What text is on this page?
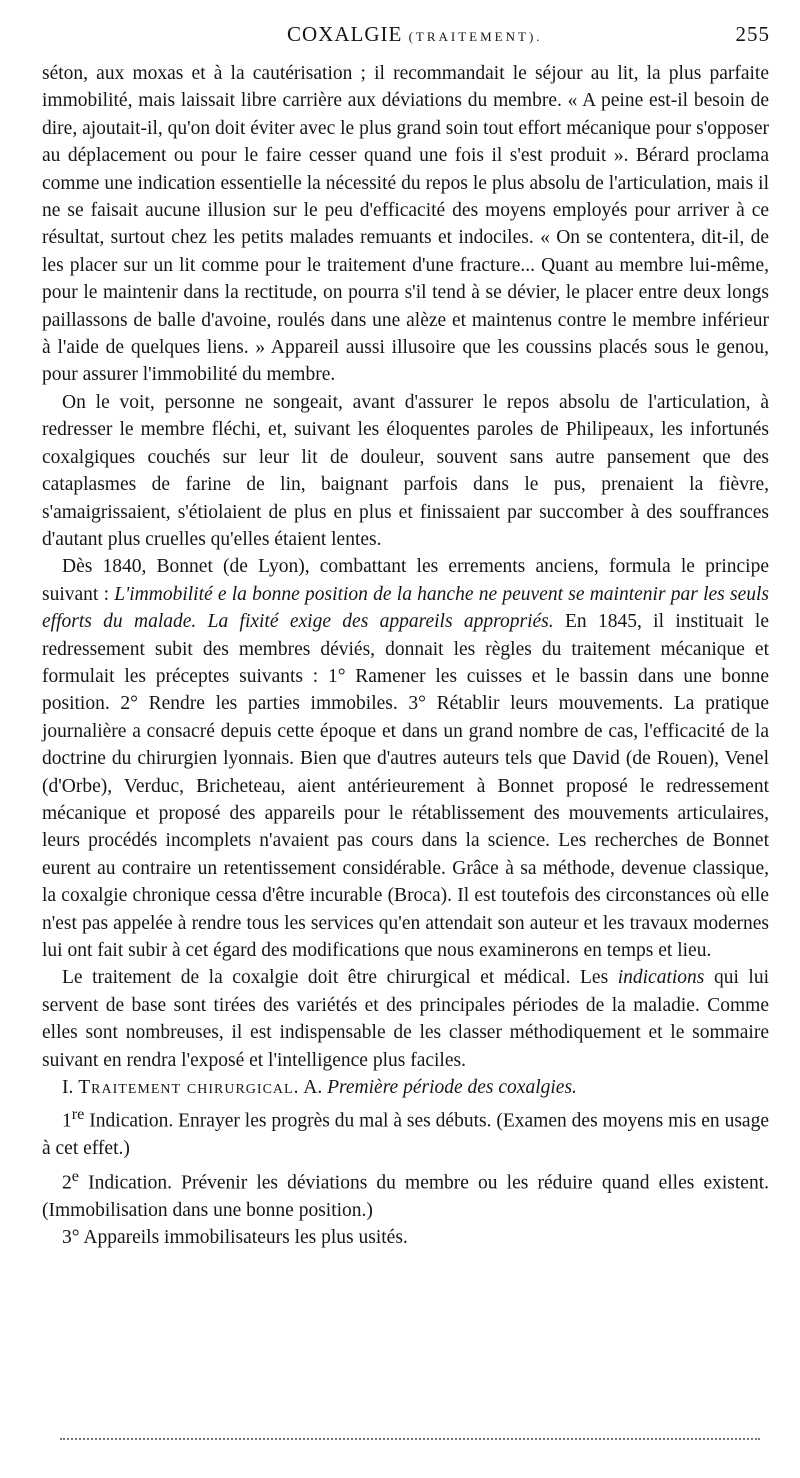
COXALGIE (TRAITEMENT).	255

séton, aux moxas et à la cautérisation ; il recommandait le séjour au lit, la plus parfaite immobilité, mais laissait libre carrière aux déviations du membre. « A peine est-il besoin de dire, ajoutait-il, qu'on doit éviter avec le plus grand soin tout effort mécanique pour s'opposer au déplacement ou pour le faire cesser quand une fois il s'est produit ». Bérard proclama comme une indication essentielle la nécessité du repos le plus absolu de l'articulation, mais il ne se faisait aucune illusion sur le peu d'efficacité des moyens employés pour arriver à ce résultat, surtout chez les petits malades remuants et indociles. « On se contentera, dit-il, de les placer sur un lit comme pour le traitement d'une fracture... Quant au membre lui-même, pour le maintenir dans la rectitude, on pourra s'il tend à se dévier, le placer entre deux longs paillassons de balle d'avoine, roulés dans une alèze et maintenus contre le membre inférieur à l'aide de quelques liens. » Appareil aussi illusoire que les coussins placés sous le genou, pour assurer l'immobilité du membre.

On le voit, personne ne songeait, avant d'assurer le repos absolu de l'articulation, à redresser le membre fléchi, et, suivant les éloquentes paroles de Philipeaux, les infortunés coxalgiques couchés sur leur lit de douleur, souvent sans autre pansement que des cataplasmes de farine de lin, baignant parfois dans le pus, prenaient la fièvre, s'amaigrissaient, s'étiolaient de plus en plus et finissaient par succomber à des souffrances d'autant plus cruelles qu'elles étaient lentes.

Dès 1840, Bonnet (de Lyon), combattant les errements anciens, formula le principe suivant : L'immobilité e la bonne position de la hanche ne peuvent se maintenir par les seuls efforts du malade. La fixité exige des appareils appropriés. En 1845, il instituait le redressement subit des membres déviés, donnait les règles du traitement mécanique et formulait les préceptes suivants : 1° Ramener les cuisses et le bassin dans une bonne position. 2° Rendre les parties immobiles. 3° Rétablir leurs mouvements. La pratique journalière a consacré depuis cette époque et dans un grand nombre de cas, l'efficacité de la doctrine du chirurgien lyonnais. Bien que d'autres auteurs tels que David (de Rouen), Venel (d'Orbe), Verduc, Bricheteau, aient antérieurement à Bonnet proposé le redressement mécanique et proposé des appareils pour le rétablissement des mouvements articulaires, leurs procédés incomplets n'avaient pas cours dans la science. Les recherches de Bonnet eurent au contraire un retentissement considérable. Grâce à sa méthode, devenue classique, la coxalgie chronique cessa d'être incurable (Broca). Il est toutefois des circonstances où elle n'est pas appelée à rendre tous les services qu'en attendait son auteur et les travaux modernes lui ont fait subir à cet égard des modifications que nous examinerons en temps et lieu.

Le traitement de la coxalgie doit être chirurgical et médical. Les indications qui lui servent de base sont tirées des variétés et des principales périodes de la maladie. Comme elles sont nombreuses, il est indispensable de les classer méthodiquement et le sommaire suivant en rendra l'exposé et l'intelligence plus faciles.

I. Traitement chirurgical. A. Première période des coxalgies.

1re Indication. Enrayer les progrès du mal à ses débuts. (Examen des moyens mis en usage à cet effet.)

2e Indication. Prévenir les déviations du membre ou les réduire quand elles existent. (Immobilisation dans une bonne position.)

3° Appareils immobilisateurs les plus usités.
